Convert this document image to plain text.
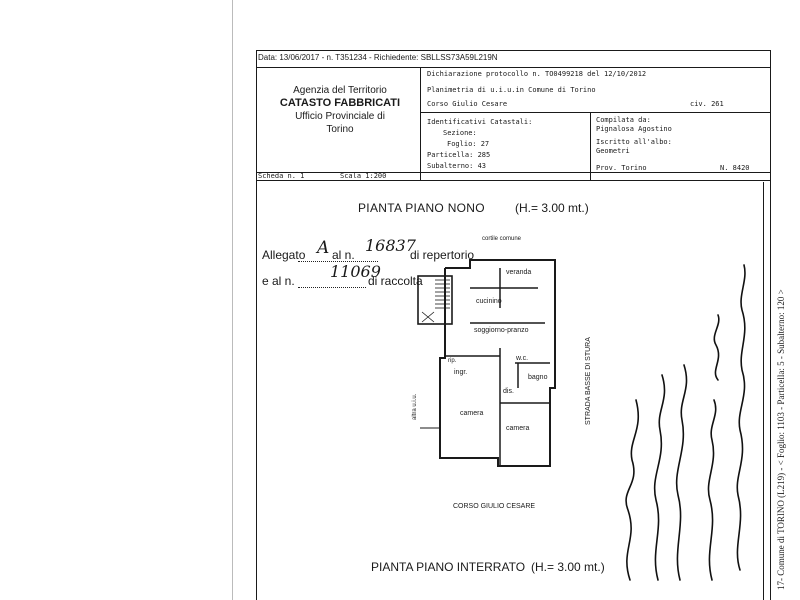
Data: 13/06/2017 - n. T351234 - Richiedente: SBLLSS73A59L219N
Agenzia del Territorio
CATASTO FABBRICATI
Ufficio Provinciale di
Torino
Dichiarazione protocollo n. TO0499218 del 12/10/2012
Planimetria di u.i.u.in Comune di Torino
Corso Giulio Cesare	civ. 261
Identificativi Catastali:
Sezione:
Foglio: 27
Particella: 285
Subalterno: 43
Compilata da:
Pignalosa Agostino
Iscritto all'albo:
Geometri
Prov. Torino	N. 8420
Scheda n. 1	Scala 1:200
PIANTA PIANO NONO	(H.= 3.00 mt.)
Allegato A al n. 16837
di repertorio
e al n. 11069
di raccolta
cortile comune
veranda
cucinino
soggiorno-pranzo
rip.
ingr.
w.c.
bagno
dis.
camera
camera
altra u.i.u.	STRADA BASSE DI STURA
CORSO GIULIO CESARE
PIANTA PIANO INTERRATO (H.= 3.00 mt.)	17- Comune di TORINO (L219) - < Foglio: 1103 - Particella: 5 - Subalterno: 120 >
